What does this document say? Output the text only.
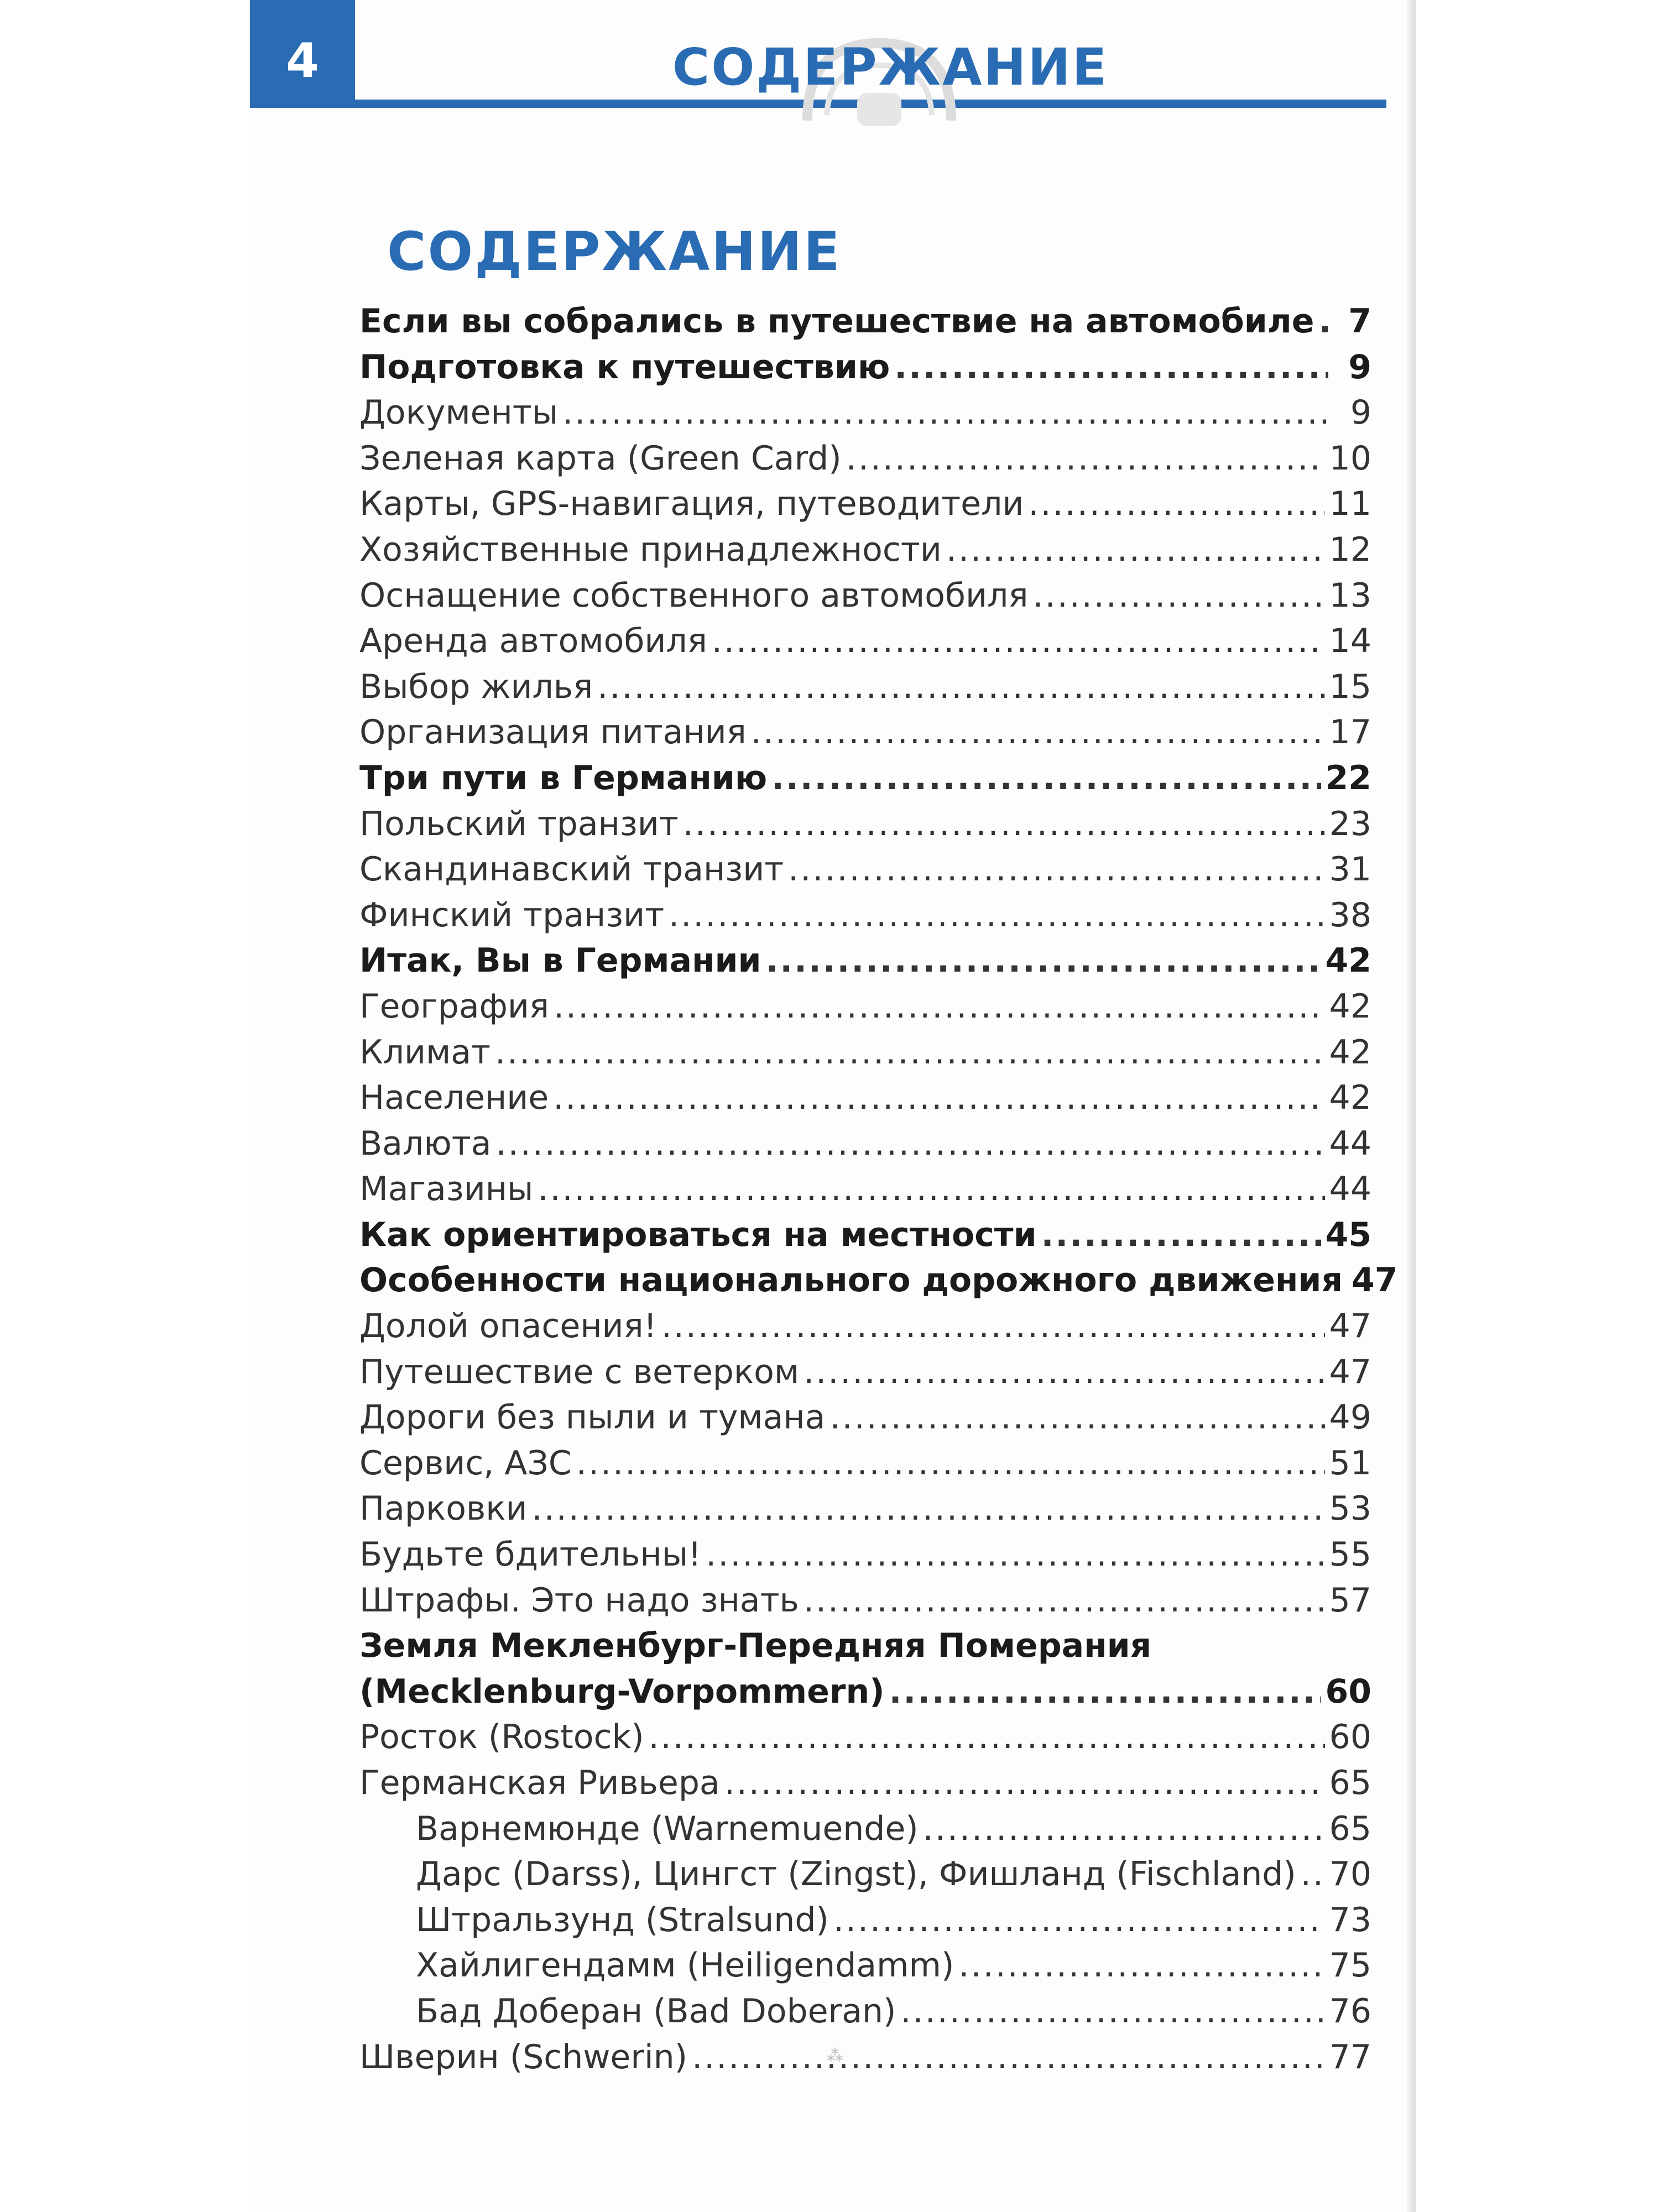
4	СОДЕРЖАНИЕ
СОДЕРЖАНИЕ
Если вы собрались в путешествие на автомобиле .....	7
Подготовка к путешествию .....	9
Документы .....	9
Зеленая карта (Green Card) .....	10
Карты, GPS-навигация, путеводители .....	11
Хозяйственные принадлежности .....	12
Оснащение собственного автомобиля .....	13
Аренда автомобиля .....	14
Выбор жилья .....	15
Организация питания .....	17
Три пути в Германию .....	22
Польский транзит .....	23
Скандинавский транзит .....	31
Финский транзит .....	38
Итак, Вы в Германии .....	42
География .....	42
Климат .....	42
Население .....	42
Валюта .....	44
Магазины .....	44
Как ориентироваться на местности .....	45
Особенности национального дорожного движения 47
Долой опасения! .....	47
Путешествие с ветерком .....	47
Дороги без пыли и тумана .....	49
Сервис, АЗС .....	51
Парковки .....	53
Будьте бдительны! .....	55
Штрафы. Это надо знать .....	57
Земля Мекленбург-Передняя Померания
(Mecklenburg-Vorpommern) .....	60
Росток (Rostock) .....	60
Германская Ривьера .....	65
Варнемюнде (Warnemuende) .....	65
Дарс (Darss), Цингст (Zingst), Фишланд (Fischland) ..... 70
Штральзунд (Stralsund) .....	73
Хайлигендамм (Heiligendamm) .....	75
Бад Доберан (Bad Doberan) .....	76
Шверин (Schwerin) .....	77
⁂
